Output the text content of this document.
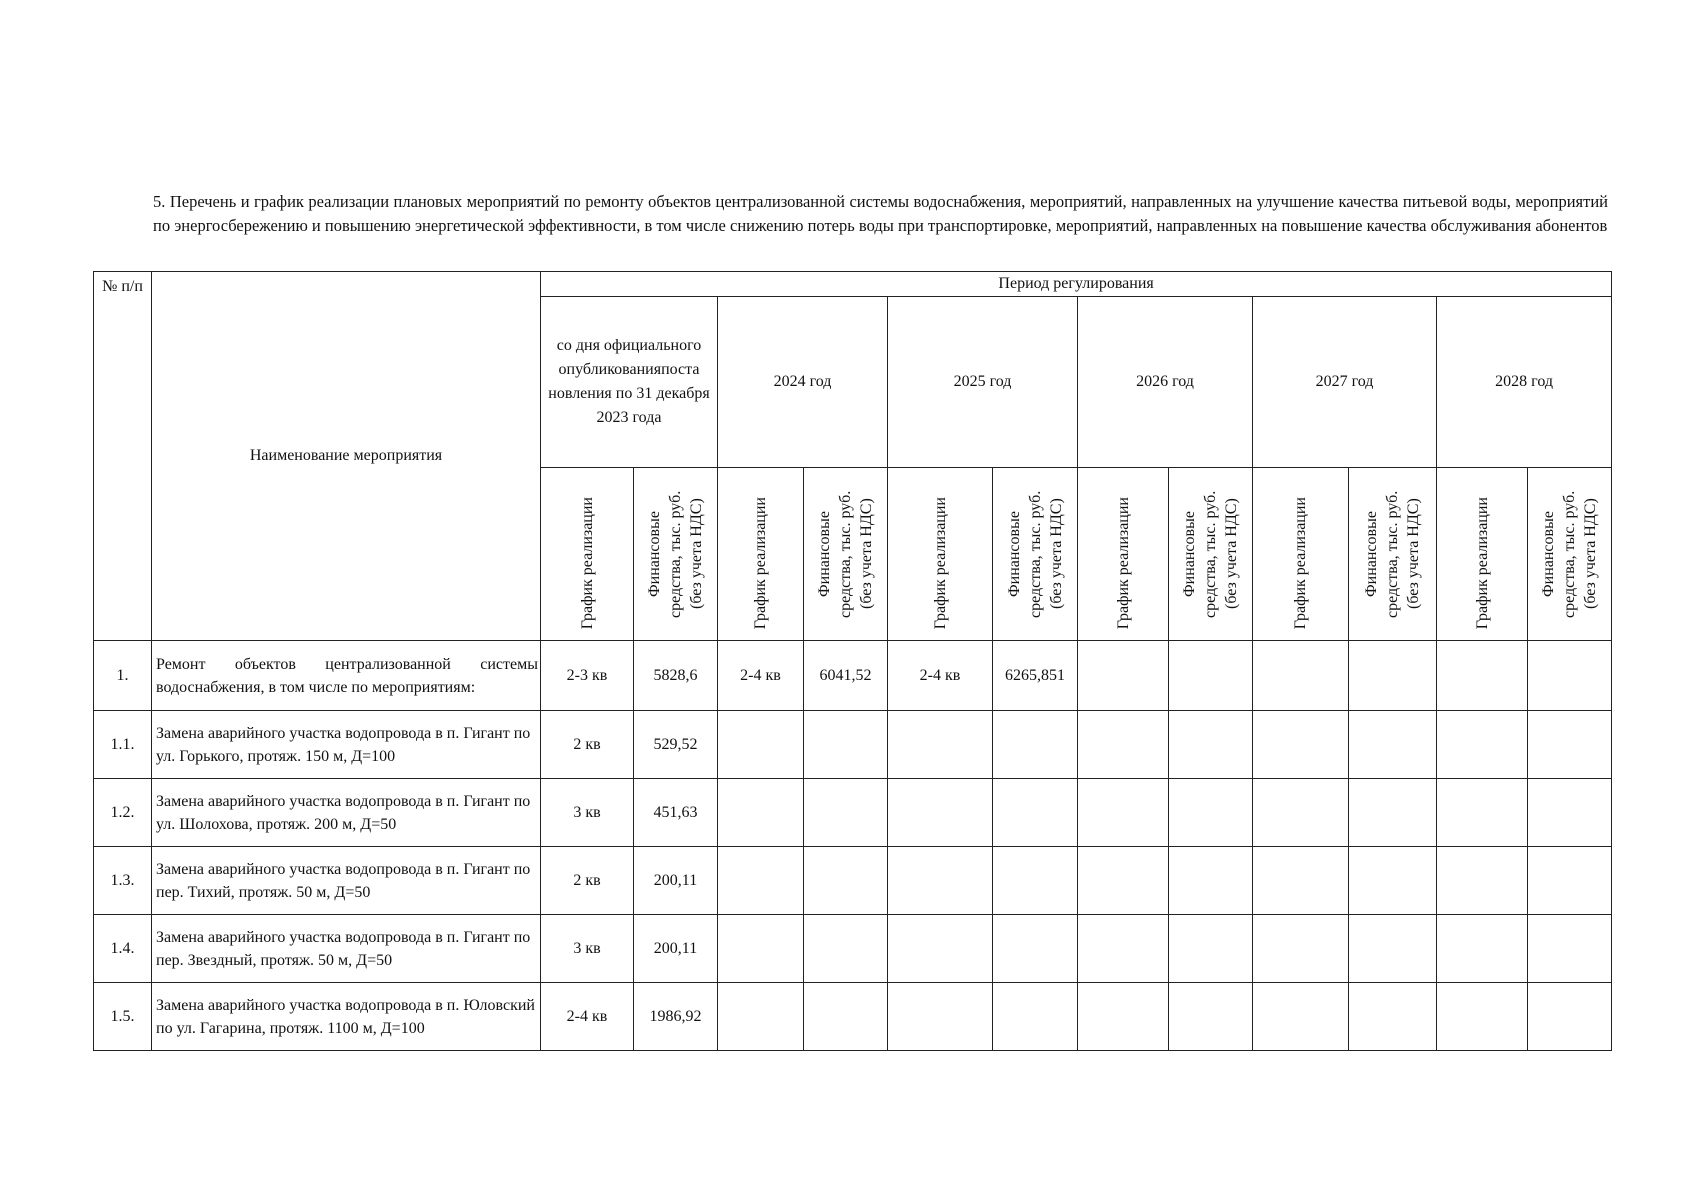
5. Перечень и график реализации плановых мероприятий по ремонту объектов централизованной системы водоснабжения, мероприятий, направленных на улучшение качества питьевой воды, мероприятий по энергосбережению и повышению энергетической эффективности, в том числе снижению потерь воды при транспортировке, мероприятий, направленных на повышение качества обслуживания абонентов

№ п/п	Наименование мероприятия	Период регулирования											

		со дня официального опубликованияпоста новления по 31 декабря 2023 года		2024 год		2025 год		2026 год		2027 год		2028 год	
		График реализации	Финансовые средства, тыс. руб. (без учета НДС)	График реализации	Финансовые средства, тыс. руб. (без учета НДС)	График реализации	Финансовые средства, тыс. руб. (без учета НДС)	График реализации	Финансовые средства, тыс. руб. (без учета НДС)	График реализации	Финансовые средства, тыс. руб. (без учета НДС)	График реализации	Финансовые средства, тыс. руб. (без учета НДС)
1.	Ремонт объектов централизованной системы водоснабжения, в том числе по мероприятиям:	2-3 кв	5828,6	2-4 кв	6041,52	2-4 кв	6265,851						
1.1.	Замена аварийного участка водопровода в п. Гигант по ул. Горького, протяж. 150 м, Д=100	2 кв	529,52										
1.2.	Замена аварийного участка водопровода в п. Гигант по ул. Шолохова, протяж. 200 м, Д=50	3 кв	451,63										
1.3.	Замена аварийного участка водопровода в п. Гигант по пер. Тихий, протяж. 50 м, Д=50	2 кв	200,11										
1.4.	Замена аварийного участка водопровода в п. Гигант по пер. Звездный, протяж. 50 м, Д=50	3 кв	200,11										
1.5.	Замена аварийного участка водопровода в п. Юловский по ул. Гагарина, протяж. 1100 м, Д=100	2-4 кв	1986,92										
